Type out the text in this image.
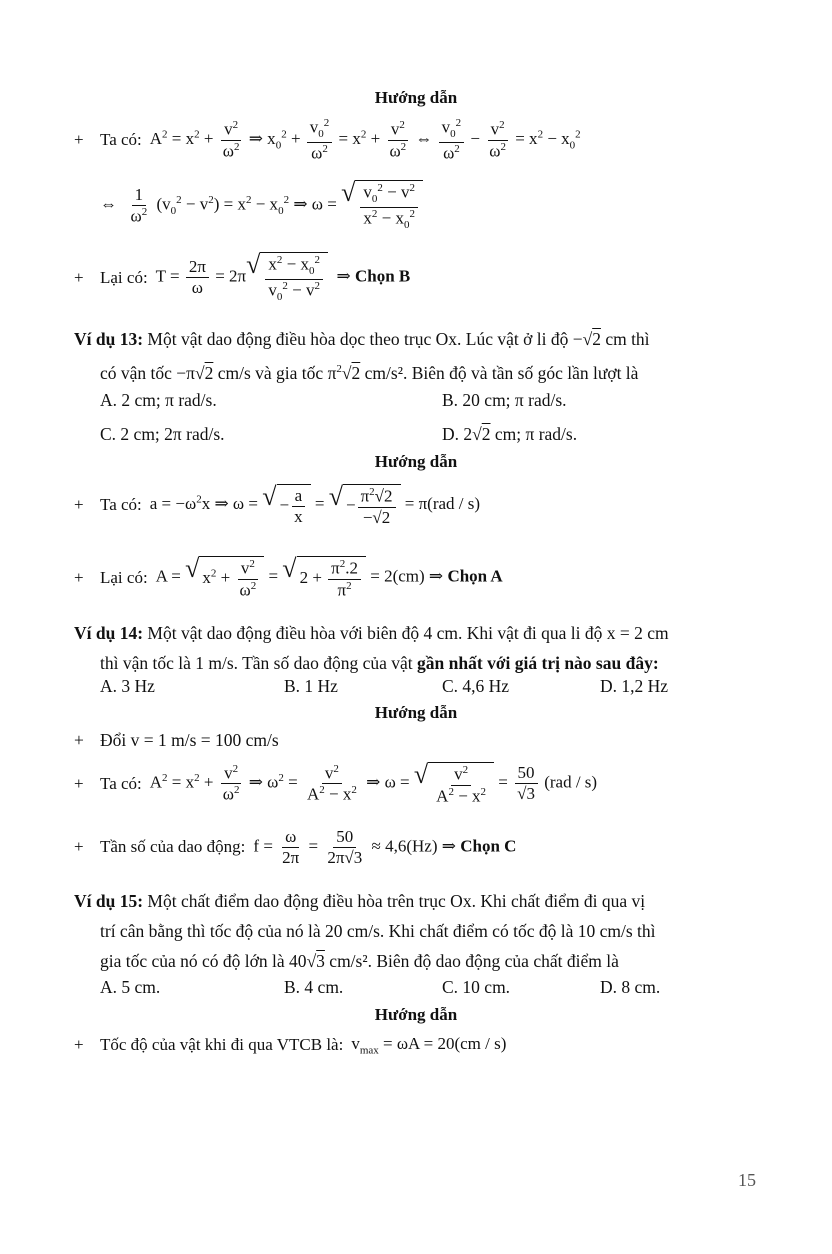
Hướng dẫn
+ Ta có: $A^2 = x^2 + \frac{v^2}{\omega^2}$ ⇒ $x_0^2 + \frac{v_0^2}{\omega^2} = x^2 + \frac{v^2}{\omega^2}$ ⇔ $\frac{v_0^2}{\omega^2} - \frac{v^2}{\omega^2} = x^2 - x_0^2$
⇔ $\frac{1}{\omega^2} (v_0^2 - v^2) = x^2 - x_0^2$ ⇒ ω = √ $\frac{v_0^2 - v^2}{x^2 - x_0^2}$
+ Lại có: $T = \frac{2\pi}{\omega} = 2\pi$ √ $\frac{x^2 - x_0^2}{v_0^2 - v^2}$ ⇒ Chọn B
Ví dụ 13: Một vật dao động điều hòa dọc theo trục Ox. Lúc vật ở li độ −√2 cm thì
có vận tốc −π√2 cm/s và gia tốc $\pi^2√2$ cm/s². Biên độ và tần số góc lần lượt là
A. 2 cm; π rad/s.	B. 20 cm; π rad/s.
C. 2 cm; 2π rad/s.	D. 2√2 cm; π rad/s.
Hướng dẫn
+ Ta có: $a = -\omega^2x$ ⇒ ω = √ − $\frac{a}{x}$ = √ − $\frac{\pi^2√2}{-√2} = \pi(rad / s)$
+ Lại có: A = √ $x^2 + \frac{v^2}{\omega^2}$ = √ $2 + \frac{\pi^2.2}{\pi^2} = 2(cm)$ ⇒ Chọn A
Ví dụ 14: Một vật dao động điều hòa với biên độ 4 cm. Khi vật đi qua li độ x = 2 cm
thì vận tốc là 1 m/s. Tần số dao động của vật gần nhất với giá trị nào sau đây:
A. 3 Hz	B. 1 Hz	C. 4,6 Hz	D. 1,2 Hz
Hướng dẫn
+ Đổi v = 1 m/s = 100 cm/s
+ Ta có: $A^2 = x^2 + \frac{v^2}{\omega^2}$ ⇒ $\omega^2 = \frac{v^2}{A^2 - x^2}$ ⇒ ω = √ $\frac{v^2}{A^2 - x^2} = \frac{50}{√3} (rad / s)$
+ Tần số của dao động: $f = \frac{\omega}{2\pi} = \frac{50}{2\pi√3} \approx 4,6(Hz)$ ⇒ Chọn C
Ví dụ 15: Một chất điểm dao động điều hòa trên trục Ox. Khi chất điểm đi qua vị
trí cân bằng thì tốc độ của nó là 20 cm/s. Khi chất điểm có tốc độ là 10 cm/s thì
gia tốc của nó có độ lớn là 40√3 cm/s². Biên độ dao động của chất điểm là
A. 5 cm.	B. 4 cm.	C. 10 cm.	D. 8 cm.
Hướng dẫn
+ Tốc độ của vật khi đi qua VTCB là: $v_{max} = \omega A = 20(cm / s)$
15
